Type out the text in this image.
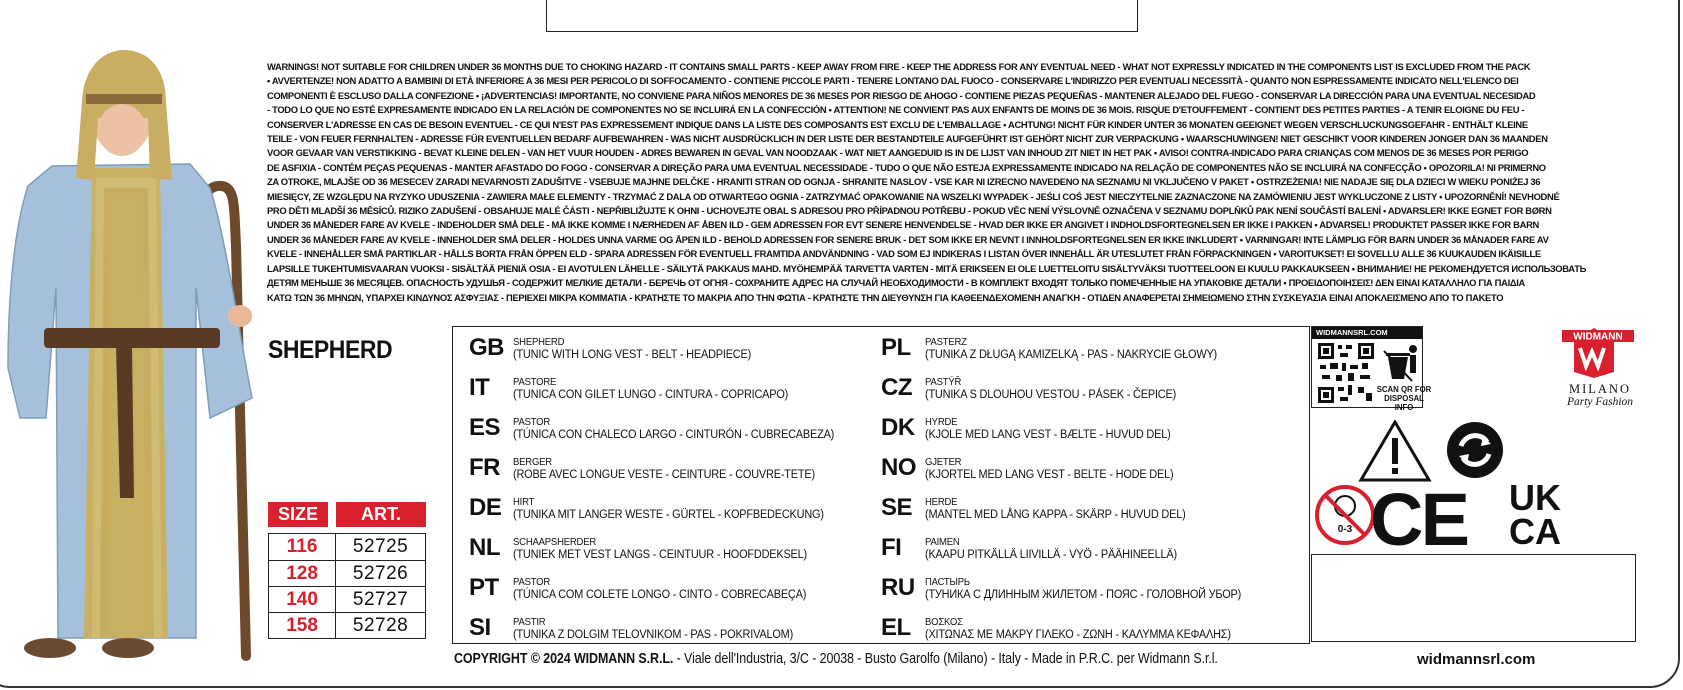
WARNINGS! NOT SUITABLE FOR CHILDREN UNDER 36 MONTHS DUE TO CHOKING HAZARD - IT CONTAINS SMALL PARTS - KEEP AWAY FROM FIRE - KEEP THE ADDRESS FOR ANY EVENTUAL NEED - WHAT NOT EXPRESSLY INDICATED IN THE COMPONENTS LIST IS EXCLUDED FROM THE PACK
• AVVERTENZE! NON ADATTO A BAMBINI DI ETÀ INFERIORE A 36 MESI PER PERICOLO DI SOFFOCAMENTO - CONTIENE PICCOLE PARTI - TENERE LONTANO DAL FUOCO - CONSERVARE L'INDIRIZZO PER EVENTUALI NECESSITÀ - QUANTO NON ESPRESSAMENTE INDICATO NELL'ELENCO DEI
COMPONENTI È ESCLUSO DALLA CONFEZIONE • ¡ADVERTENCIAS! IMPORTANTE, NO CONVIENE PARA NIÑOS MENORES DE 36 MESES POR RIESGO DE AHOGO - CONTIENE PIEZAS PEQUEÑAS - MANTENER ALEJADO DEL FUEGO - CONSERVAR LA DIRECCIÓN PARA UNA EVENTUAL NECESIDAD
- TODO LO QUE NO ESTÉ EXPRESAMENTE INDICADO EN LA RELACIÓN DE COMPONENTES NO SE INCLUIRÁ EN LA CONFECCIÓN • ATTENTION! NE CONVIENT PAS AUX ENFANTS DE MOINS DE 36 MOIS. RISQUE D'ETOUFFEMENT - CONTIENT DES PETITES PARTIES - A TENIR ELOIGNE DU FEU -
CONSERVER L'ADRESSE EN CAS DE BESOIN EVENTUEL - CE QUI N'EST PAS EXPRESSEMENT INDIQUE DANS LA LISTE DES COMPOSANTS EST EXCLU DE L'EMBALLAGE • ACHTUNG! NICHT FÜR KINDER UNTER 36 MONATEN GEEIGNET WEGEN VERSCHLUCKUNGSGEFAHR - ENTHÄLT KLEINE
TEILE - VON FEUER FERNHALTEN - ADRESSE FÜR EVENTUELLEN BEDARF AUFBEWAHREN - WAS NICHT AUSDRÜCKLICH IN DER LISTE DER BESTANDTEILE AUFGEFÜHRT IST GEHÖRT NICHT ZUR VERPACKUNG • WAARSCHUWINGEN! NIET GESCHIKT VOOR KINDEREN JONGER DAN 36 MAANDEN
VOOR GEVAAR VAN VERSTIKKING - BEVAT KLEINE DELEN - VAN HET VUUR HOUDEN - ADRES BEWAREN IN GEVAL VAN NOODZAAK - WAT NIET AANGEDUID IS IN DE LIJST VAN INHOUD ZIT NIET IN HET PAK • AVISO! CONTRA-INDICADO PARA CRIANÇAS COM MENOS DE 36 MESES POR PERIGO
DE ASFIXIA - CONTÉM PEÇAS PEQUENAS - MANTER AFASTADO DO FOGO - CONSERVAR A DIREÇÃO PARA UMA EVENTUAL NECESSIDADE - TUDO O QUE NÃO ESTEJA EXPRESSAMENTE INDICADO NA RELAÇÃO DE COMPONENTES NÃO SE INCLUIRÁ NA CONFECÇÃO • OPOZORILA! NI PRIMERNO
ZA OTROKE, MLAJŠE OD 36 MESECEV ZARADI NEVARNOSTI ZADUŠITVE - VSEBUJE MAJHNE DELČKE - HRANITI STRAN OD OGNJA - SHRANITE NASLOV - VSE KAR NI IZRECNO NAVEDENO NA SEZNAMU NI VKLJUČENO V PAKET • OSTRZEŻENIA! NIE NADAJE SIĘ DLA DZIECI W WIEKU PONIŻEJ 36
MIESIĘCY, ZE WZGLĘDU NA RYZYKO UDUSZENIA - ZAWIERA MAŁE ELEMENTY - TRZYMAĆ Z DALA OD OTWARTEGO OGNIA - ZATRZYMAĆ OPAKOWANIE NA WSZELKI WYPADEK - JEŚLI COŚ JEST NIECZYTELNIE ZAZNACZONE NA ZAMÓWIENIU JEST WYKLUCZONE Z LISTY • UPOZORNĚNÍ! NEVHODNÉ
PRO DĚTI MLADŠÍ 36 MĚSÍCŮ. RIZIKO ZADUŠENÍ - OBSAHUJE MALÉ ČÁSTI - NEPŘIBLIŽUJTE K OHNI - UCHOVEJTE OBAL S ADRESOU PRO PŘÍPADNOU POTŘEBU - POKUD VĚC NENÍ VÝSLOVNĚ OZNAČENA V SEZNAMU DOPLŇKŮ PAK NENÍ SOUČÁSTÍ BALENÍ • ADVARSLER! IKKE EGNET FOR BØRN
UNDER 36 MÅNEDER FARE AV KVELE - INDEHOLDER SMÅ DELE - MÅ IKKE KOMME I NÆRHEDEN AF ÅBEN ILD - GEM ADRESSEN FOR EVT SENERE HENVENDELSE - HVAD DER IKKE ER ANGIVET I INDHOLDSFORTEGNELSEN ER IKKE I PAKKEN • ADVARSEL! PRODUKTET PASSER IKKE FOR BARN
UNDER 36 MÅNEDER FARE AV KVELE - INNEHOLDER SMÅ DELER - HOLDES UNNA VARME OG ÅPEN ILD - BEHOLD ADRESSEN FOR SENERE BRUK - DET SOM IKKE ER NEVNT I INNHOLDSFORTEGNELSEN ER IKKE INKLUDERT • VARNINGAR! INTE LÄMPLIG FÖR BARN UNDER 36 MÅNADER FARE AV
KVELE - INNEHÅLLER SMÅ PARTIKLAR - HÅLLS BORTA FRÅN ÖPPEN ELD - SPARA ADRESSEN FÖR EVENTUELL FRAMTIDA ANDVÄNDNING - VAD SOM EJ INDIKERAS I LISTAN ÖVER INNEHÅLL ÄR UTESLUTET FRÅN FÖRPACKNINGEN • VAROITUKSET! EI SOVELLU ALLE 36 KUUKAUDEN IKÄISILLE
LAPSILLE TUKEHTUMISVAARAN VUOKSI - SISÄLTÄÄ PIENIÄ OSIA - EI AVOTULEN LÄHELLE - SÄILYTÄ PAKKAUS MAHD. MYÖHEMPÄÄ TARVETTA VARTEN - MITÄ ERIKSEEN EI OLE LUETTELOITU SISÄLTYVÄKSI TUOTTEELOON EI KUULU PAKKAUKSEEN • ВНИМАНИЕ! НЕ РЕКОМЕНДУЕТСЯ ИСПОЛЬЗОВАТЬ
ДЕТЯМ МЕНЬШЕ 36 МЕСЯЦЕВ. ОПАСНОСТЬ УДУШЬЯ - СОДЕРЖИТ МЕЛКИЕ ДЕТАЛИ - БЕРЕЧЬ ОТ ОГНЯ - СОХРАНИТЕ АДРЕС НА СЛУЧАЙ НЕОБХОДИМОСТИ - В КОМПЛЕКТ ВХОДЯТ ТОЛЬКО ПОМЕЧЕННЫЕ НА УПАКОВКЕ ДЕТАЛИ • ΠΡΟΕΙΔΟΠΟΙΗΣΕΙΣ! ΔΕΝ ΕΙΝΑΙ ΚΑΤΑΛΛΗΛΟ ΓΙΑ ΠΑΙΔΙΑ
ΚΑΤΩ ΤΩΝ 36 ΜΗΝΩΝ, ΥΠΑΡΧΕΙ ΚΙΝΔΥΝΟΣ ΑΣΦΥΞΙΑΣ - ΠΕΡΙΕΧΕΙ ΜΙΚΡΑ ΚΟΜΜΑΤΙΑ - ΚΡΑΤΗΣΤΕ ΤΟ ΜΑΚΡΙΑ ΑΠΟ ΤΗΝ ΦΩΤΙΑ - ΚΡΑΤΗΣΤΕ ΤΗΝ ΔΙΕΥΘΥΝΣΗ ΓΙΑ ΚΑΘΕΕΝΔΕΧΟΜΕΝΗ ΑΝΑΓΚΗ - ΟΤΙΔΕΝ ΑΝΑΦΕΡΕΤΑΙ ΣΗΜΕΙΩΜΕΝΟ ΣΤΗΝ ΣΥΣΚΕΥΑΣΙΑ ΕΙΝΑΙ ΑΠΟΚΛΕΙΣΜΕΝΟ ΑΠΟ ΤΟ ΠΑΚΕΤΟ
SHEPHERD
SIZE	ART.
116	52725
128	52726
140	52727
158	52728
GB SHEPHERD
(TUNIC WITH LONG VEST - BELT - HEADPIECE)
IT	PASTORE
(TUNICA CON GILET LUNGO - CINTURA - COPRICAPO)
ES	PASTOR
(TÚNICA CON CHALECO LARGO - CINTURÓN - CUBRECABEZA)
FR	BERGER
(ROBE AVEC LONGUE VESTE - CEINTURE - COUVRE-TETE)
DE	HIRT
(TUNIKA MIT LANGER WESTE - GÜRTEL - KOPFBEDECKUNG)
NL	SCHAAPSHERDER
(TUNIEK MET VEST LANGS - CEINTUUR - HOOFDDEKSEL)
PT	PASTOR
(TÚNICA COM COLETE LONGO - CINTO - COBRECABEÇA)
SI	PASTIR
(TUNIKA Z DOLGIM TELOVNIKOM - PAS - POKRIVALOM)
PL	PASTERZ
(TUNIKA Z DŁUGĄ KAMIZELKĄ - PAS - NAKRYCIE GŁOWY)
CZ	PASTÝŘ
(TUNIKA S DLOUHOU VESTOU - PÁSEK - ČEPICE)
DK	HYRDE
(KJOLE MED LANG VEST - BÆLTE - HUVUD DEL)
NO GJETER
(KJORTEL MED LANG VEST - BELTE - HODE DEL)
SE	HERDE
(MANTEL MED LÅNG KAPPA - SKÄRP - HUVUD DEL)
FI	PAIMEN
(KAAPU PITKÄLLÄ LIIVILLÄ - VYÖ - PÄÄHINEELLÄ)
RU	ПАСТЫРЬ
(ТУНИКА С ДЛИННЫМ ЖИЛЕТОМ - ПОЯС - ГОЛОВНОЙ УБОР)
EL	ΒΟΣΚΟΣ
(ΧΙΤΩΝΑΣ ΜΕ ΜΑΚΡΥ ΓΙΛΕΚΟ - ΖΩΝΗ - ΚΑΛΥΜΜΑ ΚΕΦΑΛΗΣ)
COPYRIGHT © 2024 WIDMANN S.R.L. - Viale dell'Industria, 3/C - 20038 - Busto Garolfo (Milano) - Italy - Made in P.R.C. per Widmann S.r.l.	widmannsrl.com
WIDMANNSRL.COM
SCAN QR FOR
DISPOSAL INFO
WIDMANN
MILANO
Party Fashion
0-3 CE UK
CA
